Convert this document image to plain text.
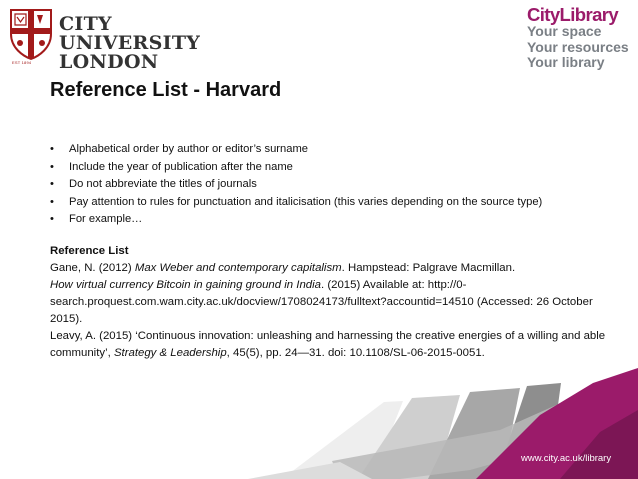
EST 1894
CITY UNIVERSITY
LONDON
CityLibrary
Your space
Your resources
Your library
Reference List - Harvard
• Alphabetical order by author or editor’s surname
• Include the year of publication after the name
• Do not abbreviate the titles of journals
• Pay attention to rules for punctuation and italicisation (this varies depending on the source type)
• For example…

Reference List

Gane, N. (2012) Max Weber and contemporary capitalism. Hampstead: Palgrave Macmillan.

How virtual currency Bitcoin in gaining ground in India. (2015) Available at: http://0-search.proquest.com.wam.city.ac.uk/docview/1708024173/fulltext?accountid=14510 (Accessed: 26 October 2015).

Leavy, A. (2015) ‘Continuous innovation: unleashing and harnessing the creative energies of a willing and able community’, Strategy & Leadership, 45(5), pp. 24—31. doi: 10.1108/SL-06-2015-0051.

www.city.ac.uk/library
